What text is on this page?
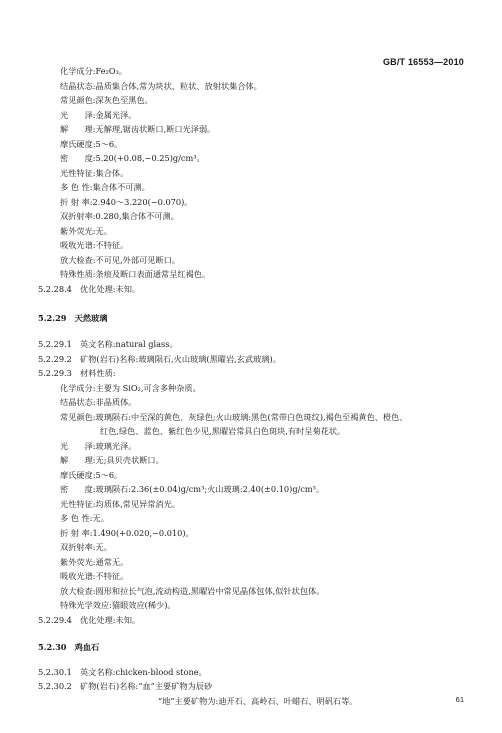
GB/T 16553—2010
化学成分:Fe₂O₃。
结晶状态:晶质集合体,常为块状、粒状、放射状集合体。
常见颜色:深灰色至黑色。
光　　泽:金属光泽。
解　　理:无解理,锯齿状断口,断口光泽弱。
摩氏硬度:5～6。
密　　度:5.20(+0.08,−0.25)g/cm³。
光性特征:集合体。
多 色 性:集合体不可测。
折 射 率:2.940～3.220(−0.070)。
双折射率:0.280,集合体不可测。
紫外荧光:无。
吸收光谱:不特征。
放大检查:不可见,外部可见断口。
特殊性质:条痕及断口表面通常呈红褐色。
5.2.28.4　优化处理:未知。
5.2.29　天然玻璃
5.2.29.1　英文名称:natural glass。
5.2.29.2　矿物(岩石)名称:玻璃陨石,火山玻璃(黑曜岩,玄武玻璃)。
5.2.29.3　材料性质:
化学成分:主要为 SiO₂,可含多种杂质。
结晶状态:非晶质体。
常见颜色:玻璃陨石:中至深的黄色、灰绿色;火山玻璃:黑色(常带白色斑纹),褐色至褐黄色、橙色、
红色,绿色、蓝色、紫红色少见,黑曜岩常具白色斑块,有时呈菊花状。
光　　泽:玻璃光泽。
解　　理:无;具贝壳状断口。
摩氏硬度:5～6。
密　　度:玻璃陨石:2.36(±0.04)g/cm³;火山玻璃:2.40(±0.10)g/cm³。
光性特征:均质体,常见异常消光。
多 色 性:无。
折 射 率:1.490(+0.020,−0.010)。
双折射率:无。
紫外荧光:通常无。
吸收光谱:不特征。
放大检查:圆形和拉长气泡,流动构造,黑曜岩中常见晶体包体,似针状包体。
特殊光学效应:猫眼效应(稀少)。
5.2.29.4　优化处理:未知。
5.2.30　鸡血石
5.2.30.1　英文名称:chicken-blood stone。
5.2.30.2　矿物(岩石)名称:“血”主要矿物为辰砂
“地”主要矿物为:迪开石、高岭石、叶蜡石、明矾石等。	61
